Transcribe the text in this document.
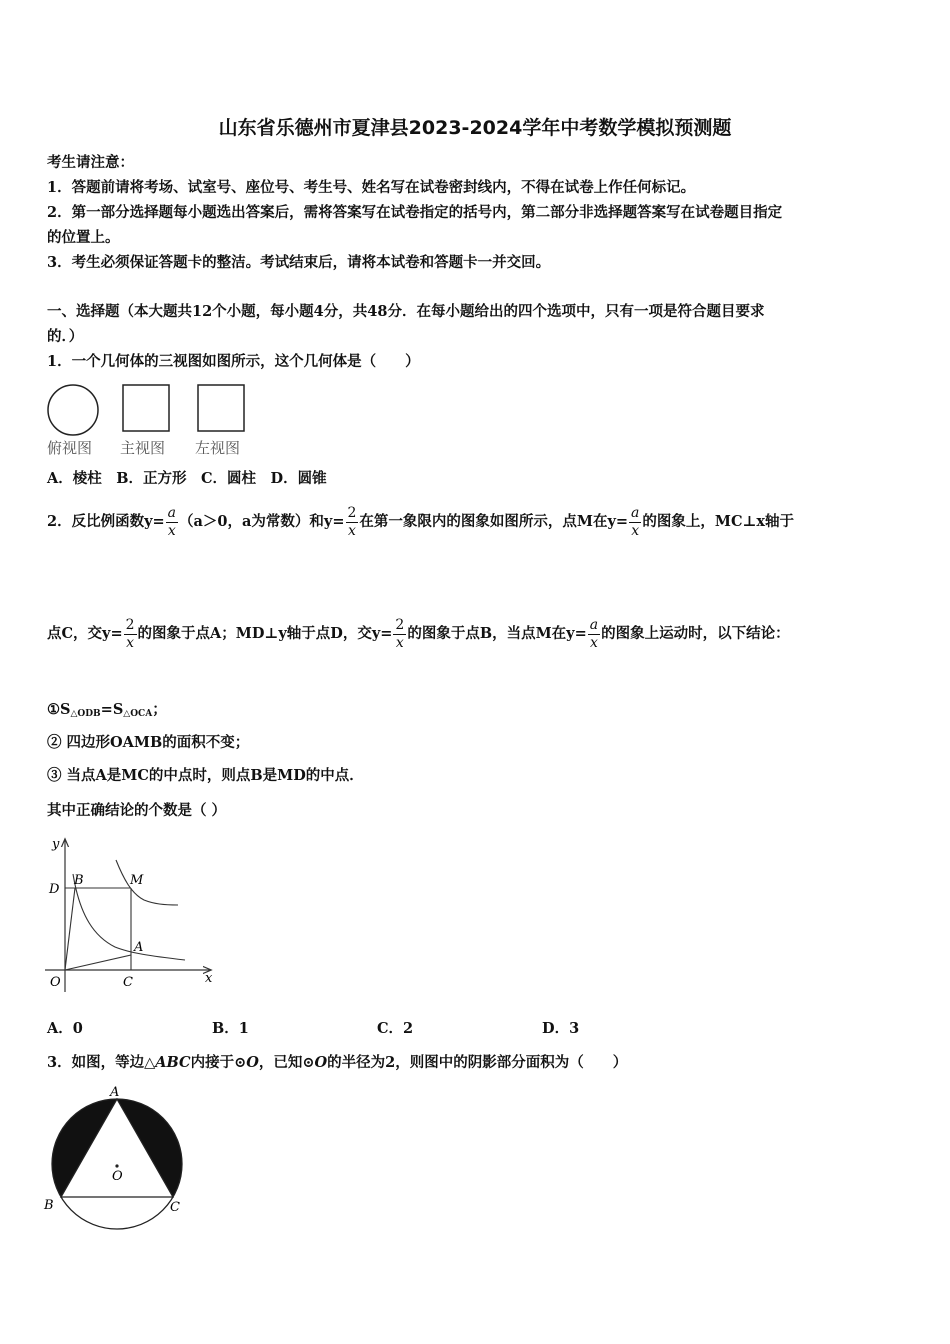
山东省乐德州市夏津县2023-2024学年中考数学模拟预测题
考生请注意：
1．答题前请将考场、试室号、座位号、考生号、姓名写在试卷密封线内，不得在试卷上作任何标记。
2．第一部分选择题每小题选出答案后，需将答案写在试卷指定的括号内，第二部分非选择题答案写在试卷题目指定
的位置上。
3．考生必须保证答题卡的整洁。考试结束后，请将本试卷和答题卡一并交回。
一、选择题（本大题共12个小题，每小题4分，共48分．在每小题给出的四个选项中，只有一项是符合题目要求
的．）
1．一个几何体的三视图如图所示，这个几何体是（　　）
俯视图 主视图 左视图
A．棱柱　B．正方形　C．圆柱　D．圆锥
2．反比例函数$y= \frac{a}{x} (a>0$，a为常数）和$y= \frac{2}{x}$ 在第一象限内的图象如图所示，点M在$y= \frac{a}{x}$ 的图象上，MC⊥x轴于
点C，交$y= \frac{2}{x}$ 的图象于点A；MD⊥y轴于点D，交$y= \frac{2}{x}$ 的图象于点B，当点M在$y= \frac{a}{x}$ 的图象上运动时，以下结论：
$①S_{\triangle ODB}=S_{\triangle OCA}$；
② 四边形OAMB的面积不变；
③ 当点A是MC的中点时，则点B是MD的中点．
其中正确结论的个数是（ ）
y
x
O
D
B	M
A
C
A．0	B．1	C．2	D．3
3．如图，等边△ABC内接于⊙O，已知⊙O的半径为2，则图中的阴影部分面积为（　　）
A
B	C
O
